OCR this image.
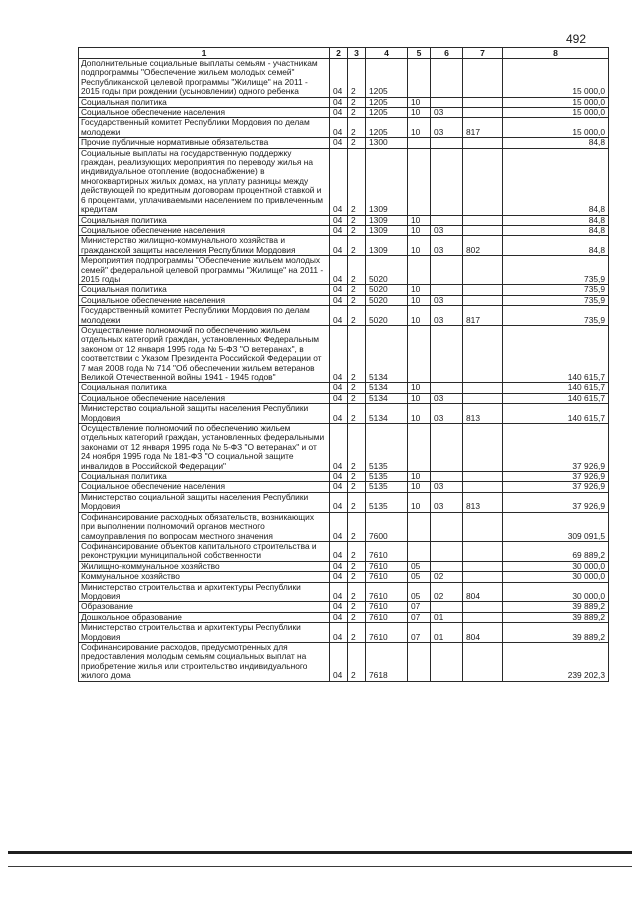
492
1	2	3	4	5	6	7	8
Дополнительные социальные выплаты семьям - участникам подпрограммы "Обеспечение жильем молодых семей" Республиканской целевой программы "Жилище" на 2011 - 2015 годы при рождении (усыновлении) одного ребенка	04	2	1205				15 000,0
Социальная политика	04	2	1205	10			15 000,0
Социальное обеспечение населения	04	2	1205	10	03		15 000,0
Государственный комитет Республики Мордовия по делам молодежи	04	2	1205	10	03	817	15 000,0
Прочие публичные нормативные обязательства	04	2	1300				84,8
Социальные выплаты на государственную поддержку граждан, реализующих мероприятия по переводу жилья на индивидуальное отопление (водоснабжение) в многоквартирных жилых домах, на уплату разницы между действующей по кредитным договорам процентной ставкой и 6 процентами, уплачиваемыми населением по привлеченным кредитам	04	2	1309				84,8
Социальная политика	04	2	1309	10			84,8
Социальное обеспечение населения	04	2	1309	10	03		84,8
Министерство жилищно-коммунального хозяйства и гражданской защиты населения Республики Мордовия	04	2	1309	10	03	802	84,8
Мероприятия подпрограммы "Обеспечение жильем молодых семей" федеральной целевой программы "Жилище" на 2011 - 2015 годы	04	2	5020				735,9
Социальная политика	04	2	5020	10			735,9
Социальное обеспечение населения	04	2	5020	10	03		735,9
Государственный комитет Республики Мордовия по делам молодежи	04	2	5020	10	03	817	735,9
Осуществление полномочий по обеспечению жильем отдельных категорий граждан, установленных Федеральным законом от 12 января 1995 года № 5-ФЗ "О ветеранах", в соответствии с Указом Президента Российской Федерации от 7 мая 2008 года № 714 "Об обеспечении жильем ветеранов Великой Отечественной войны 1941 - 1945 годов"	04	2	5134				140 615,7
Социальная политика	04	2	5134	10			140 615,7
Социальное обеспечение населения	04	2	5134	10	03		140 615,7
Министерство социальной защиты населения Республики Мордовия	04	2	5134	10	03	813	140 615,7
Осуществление полномочий по обеспечению жильем отдельных категорий граждан, установленных федеральными законами от 12 января 1995 года № 5-ФЗ "О ветеранах" и от 24 ноября 1995 года № 181-ФЗ "О социальной защите инвалидов в Российской Федерации"	04	2	5135				37 926,9
Социальная политика	04	2	5135	10			37 926,9
Социальное обеспечение населения	04	2	5135	10	03		37 926,9
Министерство социальной защиты населения Республики Мордовия	04	2	5135	10	03	813	37 926,9
Софинансирование расходных обязательств, возникающих при выполнении полномочий органов местного самоуправления по вопросам местного значения	04	2	7600				309 091,5
Софинансирование объектов капитального строительства и реконструкции муниципальной собственности	04	2	7610				69 889,2
Жилищно-коммунальное хозяйство	04	2	7610	05			30 000,0
Коммунальное хозяйство	04	2	7610	05	02		30 000,0
Министерство строительства и архитектуры Республики Мордовия	04	2	7610	05	02	804	30 000,0
Образование	04	2	7610	07			39 889,2
Дошкольное образование	04	2	7610	07	01		39 889,2
Министерство строительства и архитектуры Республики Мордовия	04	2	7610	07	01	804	39 889,2
Софинансирование расходов, предусмотренных для предоставления молодым семьям социальных выплат на приобретение жилья или строительство индивидуального жилого дома	04	2	7618				239 202,3
